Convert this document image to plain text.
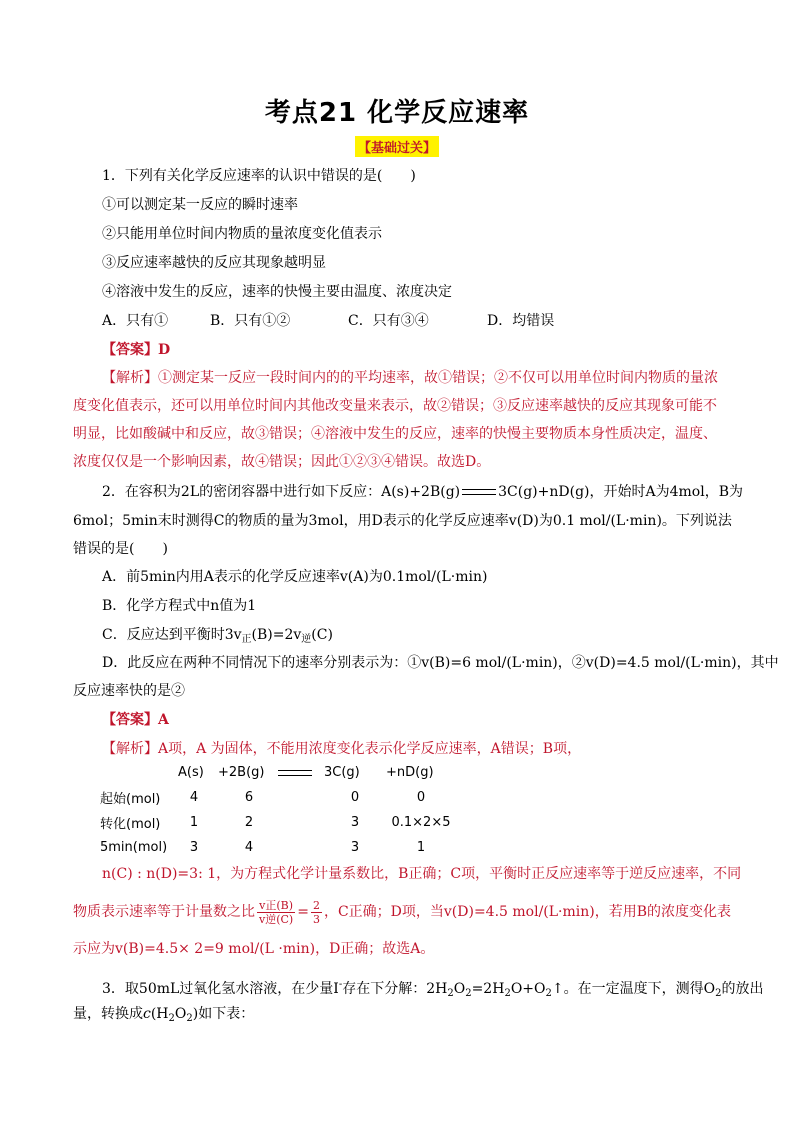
考点21 化学反应速率
【基础过关】
1．下列有关化学反应速率的认识中错误的是(　　)
①可以测定某一反应的瞬时速率
②只能用单位时间内物质的量浓度变化值表示
③反应速率越快的反应其现象越明显
④溶液中发生的反应，速率的快慢主要由温度、浓度决定
A．只有①	B．只有①②	C．只有③④	D．均错误
【答案】D
【解析】①测定某一反应一段时间内的的平均速率，故①错误；②不仅可以用单位时间内物质的量浓
度变化值表示，还可以用单位时间内其他改变量来表示，故②错误；③反应速率越快的反应其现象可能不
明显，比如酸碱中和反应，故③错误；④溶液中发生的反应，速率的快慢主要物质本身性质决定，温度、
浓度仅仅是一个影响因素，故④错误；因此①②③④错误。故选D。
2．在容积为2L的密闭容器中进行如下反应：A(s)+2B(g)	3C(g)+nD(g)，开始时A为4mol，B为
6mol；5min末时测得C的物质的量为3mol，用D表示的化学反应速率v(D)为0.1 mol/(L·min)。下列说法
错误的是(　　)
A．前5min内用A表示的化学反应速率v(A)为0.1mol/(L·min)
B．化学方程式中n值为1
C．反应达到平衡时$3v_正(B)=2v_逆(C)$
D．此反应在两种不同情况下的速率分别表示为：①v(B)=6 mol/(L·min)，②v(D)=4.5 mol/(L·min)，其中
反应速率快的是②
【答案】A
【解析】A项，A 为固体，不能用浓度变化表示化学反应速率，A错误；B项，
	A(s)	+2B(g)		3C(g)	+nD(g)
起始(mol)	4	6		0	0
转化(mol)	1	2		3	0.1×2×5
5min(mol)	3	4		3	1
n(C) : n(D)=3: 1，为方程式化学计量系数比，B正确；C项，平衡时正反应速率等于逆反应速率，不同
物质表示速率等于计量数之比 $\frac{\text{v正(B)}}{\text{v逆(C)}} = \frac{2}{3}$ ，C正确；D项，当v(D)=4.5 mol/(L·min)，若用B的浓度变化表
示应为v(B)=4.5× 2=9 mol/(L ·min)，D正确；故选A。
3．取50mL过氧化氢水溶液，在少量I-存在下分解：$2H_2O_2=2H_2O+O_2↑$。在一定温度下，测得$O_2$的放出
量，转换成$c(H_2O_2)$如下表：
